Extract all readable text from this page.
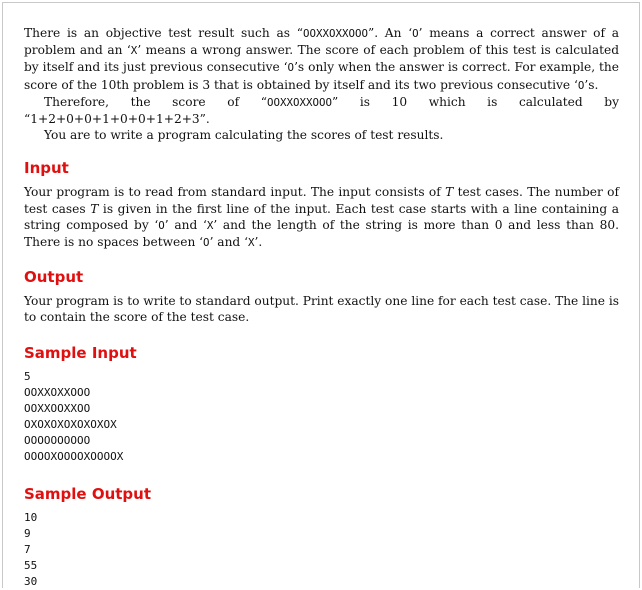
There is an objective test result such as “OOXXOXXOOO”. An ‘O’ means a correct answer of a problem and an ‘X’ means a wrong answer. The score of each problem of this test is calculated by itself and its just previous consecutive ‘O’s only when the answer is correct. For example, the score of the 10th problem is 3 that is obtained by itself and its two previous consecutive ‘O’s.

Therefore, the score of “OOXXOXXOOO” is 10 which is calculated by “1+2+0+0+1+0+0+1+2+3”.

You are to write a program calculating the scores of test results.

Input

Your program is to read from standard input. The input consists of T test cases. The number of test cases T is given in the first line of the input. Each test case starts with a line containing a string composed by ‘O’ and ‘X’ and the length of the string is more than 0 and less than 80. There is no spaces between ‘O’ and ‘X’.

Output

Your program is to write to standard output. Print exactly one line for each test case. The line is to contain the score of the test case.

Sample Input
5
OOXXOXXOOO
OOXXOOXXOO
OXOXOXOXOXOXOX
OOOOOOOOOO
OOOOXOOOOXOOOOX
Sample Output
10
9
7
55
30
